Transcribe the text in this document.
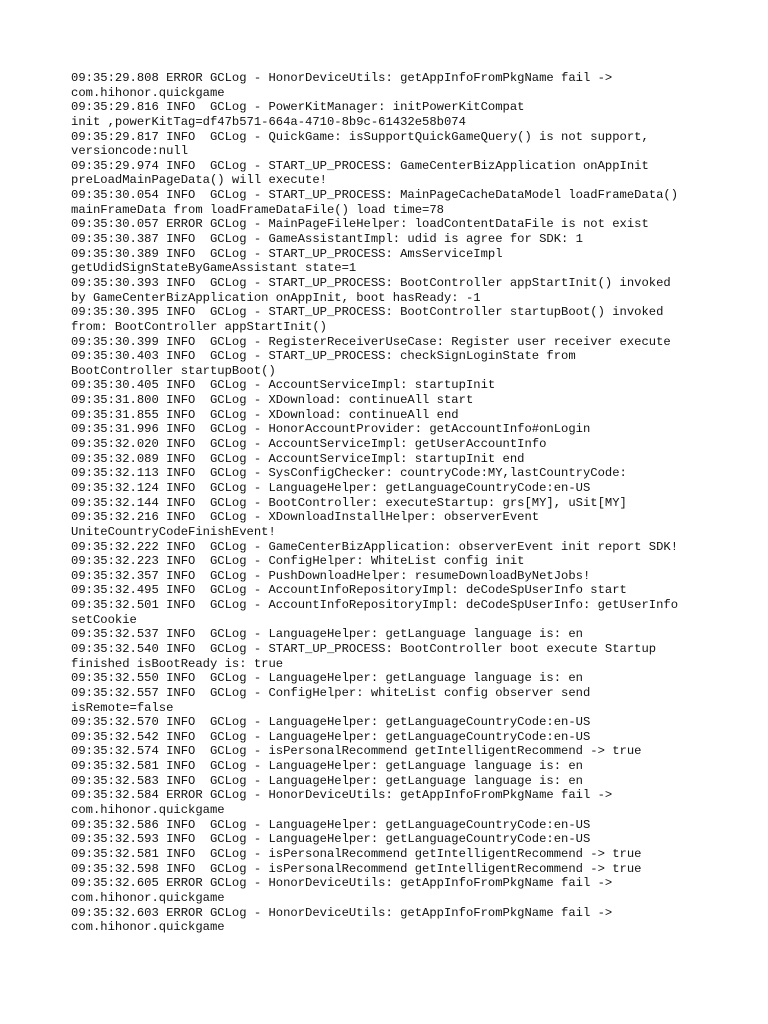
09:35:29.808 ERROR GCLog - HonorDeviceUtils: getAppInfoFromPkgName fail ->
com.hihonor.quickgame
09:35:29.816 INFO  GCLog - PowerKitManager: initPowerKitCompat
init ,powerKitTag=df47b571-664a-4710-8b9c-61432e58b074
09:35:29.817 INFO  GCLog - QuickGame: isSupportQuickGameQuery() is not support,
versioncode:null
09:35:29.974 INFO  GCLog - START_UP_PROCESS: GameCenterBizApplication onAppInit
preLoadMainPageData() will execute!
09:35:30.054 INFO  GCLog - START_UP_PROCESS: MainPageCacheDataModel loadFrameData()
mainFrameData from loadFrameDataFile() load time=78
09:35:30.057 ERROR GCLog - MainPageFileHelper: loadContentDataFile is not exist
09:35:30.387 INFO  GCLog - GameAssistantImpl: udid is agree for SDK: 1
09:35:30.389 INFO  GCLog - START_UP_PROCESS: AmsServiceImpl
getUdidSignStateByGameAssistant state=1
09:35:30.393 INFO  GCLog - START_UP_PROCESS: BootController appStartInit() invoked
by GameCenterBizApplication onAppInit, boot hasReady: -1
09:35:30.395 INFO  GCLog - START_UP_PROCESS: BootController startupBoot() invoked
from: BootController appStartInit()
09:35:30.399 INFO  GCLog - RegisterReceiverUseCase: Register user receiver execute
09:35:30.403 INFO  GCLog - START_UP_PROCESS: checkSignLoginState from
BootController startupBoot()
09:35:30.405 INFO  GCLog - AccountServiceImpl: startupInit
09:35:31.800 INFO  GCLog - XDownload: continueAll start
09:35:31.855 INFO  GCLog - XDownload: continueAll end
09:35:31.996 INFO  GCLog - HonorAccountProvider: getAccountInfo#onLogin
09:35:32.020 INFO  GCLog - AccountServiceImpl: getUserAccountInfo
09:35:32.089 INFO  GCLog - AccountServiceImpl: startupInit end
09:35:32.113 INFO  GCLog - SysConfigChecker: countryCode:MY,lastCountryCode:
09:35:32.124 INFO  GCLog - LanguageHelper: getLanguageCountryCode:en-US
09:35:32.144 INFO  GCLog - BootController: executeStartup: grs[MY], uSit[MY]
09:35:32.216 INFO  GCLog - XDownloadInstallHelper: observerEvent
UniteCountryCodeFinishEvent!
09:35:32.222 INFO  GCLog - GameCenterBizApplication: observerEvent init report SDK!
09:35:32.223 INFO  GCLog - ConfigHelper: WhiteList config init
09:35:32.357 INFO  GCLog - PushDownloadHelper: resumeDownloadByNetJobs!
09:35:32.495 INFO  GCLog - AccountInfoRepositoryImpl: deCodeSpUserInfo start
09:35:32.501 INFO  GCLog - AccountInfoRepositoryImpl: deCodeSpUserInfo: getUserInfo
setCookie
09:35:32.537 INFO  GCLog - LanguageHelper: getLanguage language is: en
09:35:32.540 INFO  GCLog - START_UP_PROCESS: BootController boot execute Startup
finished isBootReady is: true
09:35:32.550 INFO  GCLog - LanguageHelper: getLanguage language is: en
09:35:32.557 INFO  GCLog - ConfigHelper: whiteList config observer send
isRemote=false
09:35:32.570 INFO  GCLog - LanguageHelper: getLanguageCountryCode:en-US
09:35:32.542 INFO  GCLog - LanguageHelper: getLanguageCountryCode:en-US
09:35:32.574 INFO  GCLog - isPersonalRecommend getIntelligentRecommend -> true
09:35:32.581 INFO  GCLog - LanguageHelper: getLanguage language is: en
09:35:32.583 INFO  GCLog - LanguageHelper: getLanguage language is: en
09:35:32.584 ERROR GCLog - HonorDeviceUtils: getAppInfoFromPkgName fail ->
com.hihonor.quickgame
09:35:32.586 INFO  GCLog - LanguageHelper: getLanguageCountryCode:en-US
09:35:32.593 INFO  GCLog - LanguageHelper: getLanguageCountryCode:en-US
09:35:32.581 INFO  GCLog - isPersonalRecommend getIntelligentRecommend -> true
09:35:32.598 INFO  GCLog - isPersonalRecommend getIntelligentRecommend -> true
09:35:32.605 ERROR GCLog - HonorDeviceUtils: getAppInfoFromPkgName fail ->
com.hihonor.quickgame
09:35:32.603 ERROR GCLog - HonorDeviceUtils: getAppInfoFromPkgName fail ->
com.hihonor.quickgame
